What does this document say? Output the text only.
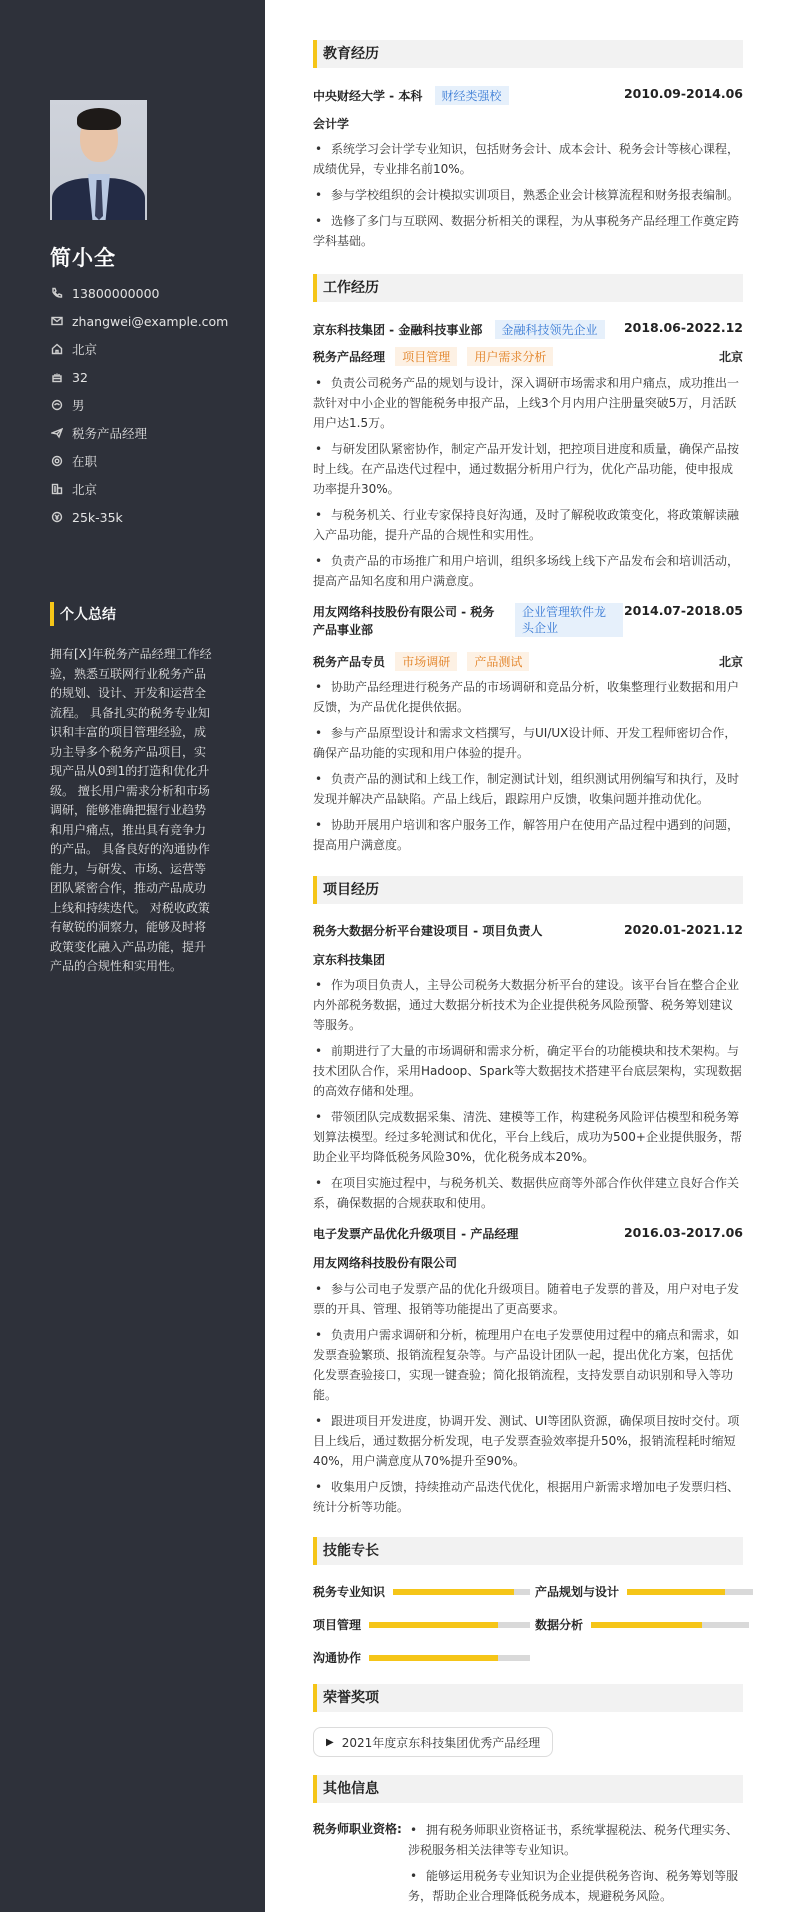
简小全
13800000000
zhangwei@example.com
北京
32
男
税务产品经理
在职
北京
25k-35k
个人总结
拥有[X]年税务产品经理工作经验，熟悉互联网行业税务产品的规划、设计、开发和运营全流程。 具备扎实的税务专业知识和丰富的项目管理经验，成功主导多个税务产品项目，实现产品从0到1的打造和优化升级。 擅长用户需求分析和市场调研，能够准确把握行业趋势和用户痛点，推出具有竞争力的产品。 具备良好的沟通协作能力，与研发、市场、运营等团队紧密合作，推动产品成功上线和持续迭代。 对税收政策有敏锐的洞察力，能够及时将政策变化融入产品功能，提升产品的合规性和实用性。
教育经历
中央财经大学 - 本科 财经类强校	2010.09-2014.06
会计学
• 系统学习会计学专业知识，包括财务会计、成本会计、税务会计等核心课程，成绩优异，专业排名前10%。
• 参与学校组织的会计模拟实训项目，熟悉企业会计核算流程和财务报表编制。
• 选修了多门与互联网、数据分析相关的课程，为从事税务产品经理工作奠定跨学科基础。
工作经历
京东科技集团 - 金融科技事业部 金融科技领先企业	2018.06-2022.12
税务产品经理 项目管理 用户需求分析	北京
• 负责公司税务产品的规划与设计，深入调研市场需求和用户痛点，成功推出一款针对中小企业的智能税务申报产品，上线3个月内用户注册量突破5万，月活跃用户达1.5万。
• 与研发团队紧密协作，制定产品开发计划，把控项目进度和质量，确保产品按时上线。在产品迭代过程中，通过数据分析用户行为，优化产品功能，使申报成功率提升30%。
• 与税务机关、行业专家保持良好沟通，及时了解税收政策变化，将政策解读融入产品功能，提升产品的合规性和实用性。
• 负责产品的市场推广和用户培训，组织多场线上线下产品发布会和培训活动，提高产品知名度和用户满意度。
用友网络科技股份有限公司 - 税务产品事业部
企业管理软件龙头企业
2014.07-2018.05
税务产品专员 市场调研 产品测试	北京
• 协助产品经理进行税务产品的市场调研和竞品分析，收集整理行业数据和用户反馈，为产品优化提供依据。
• 参与产品原型设计和需求文档撰写，与UI/UX设计师、开发工程师密切合作，确保产品功能的实现和用户体验的提升。
• 负责产品的测试和上线工作，制定测试计划，组织测试用例编写和执行，及时发现并解决产品缺陷。产品上线后，跟踪用户反馈，收集问题并推动优化。
• 协助开展用户培训和客户服务工作，解答用户在使用产品过程中遇到的问题，提高用户满意度。
项目经历
税务大数据分析平台建设项目 - 项目负责人	2020.01-2021.12
京东科技集团
• 作为项目负责人，主导公司税务大数据分析平台的建设。该平台旨在整合企业内外部税务数据，通过大数据分析技术为企业提供税务风险预警、税务筹划建议等服务。
• 前期进行了大量的市场调研和需求分析，确定平台的功能模块和技术架构。与技术团队合作，采用Hadoop、Spark等大数据技术搭建平台底层架构，实现数据的高效存储和处理。
• 带领团队完成数据采集、清洗、建模等工作，构建税务风险评估模型和税务筹划算法模型。经过多轮测试和优化，平台上线后，成功为500+企业提供服务，帮助企业平均降低税务风险30%，优化税务成本20%。
• 在项目实施过程中，与税务机关、数据供应商等外部合作伙伴建立良好合作关系，确保数据的合规获取和使用。
电子发票产品优化升级项目 - 产品经理	2016.03-2017.06
用友网络科技股份有限公司
• 参与公司电子发票产品的优化升级项目。随着电子发票的普及，用户对电子发票的开具、管理、报销等功能提出了更高要求。
• 负责用户需求调研和分析，梳理用户在电子发票使用过程中的痛点和需求，如发票查验繁琐、报销流程复杂等。与产品设计团队一起，提出优化方案，包括优化发票查验接口，实现一键查验；简化报销流程，支持发票自动识别和导入等功能。
• 跟进项目开发进度，协调开发、测试、UI等团队资源，确保项目按时交付。项目上线后，通过数据分析发现，电子发票查验效率提升50%，报销流程耗时缩短40%，用户满意度从70%提升至90%。
• 收集用户反馈，持续推动产品迭代优化，根据用户新需求增加电子发票归档、统计分析等功能。
技能专长
税务专业知识	产品规划与设计
项目管理	数据分析
沟通协作
荣誉奖项
▶ 2021年度京东科技集团优秀产品经理
其他信息
税务师职业资格:	• 拥有税务师职业资格证书，系统掌握税法、税务代理实务、涉税服务相关法律等专业知识。
• 能够运用税务专业知识为企业提供税务咨询、税务筹划等服务，帮助企业合理降低税务成本，规避税务风险。
